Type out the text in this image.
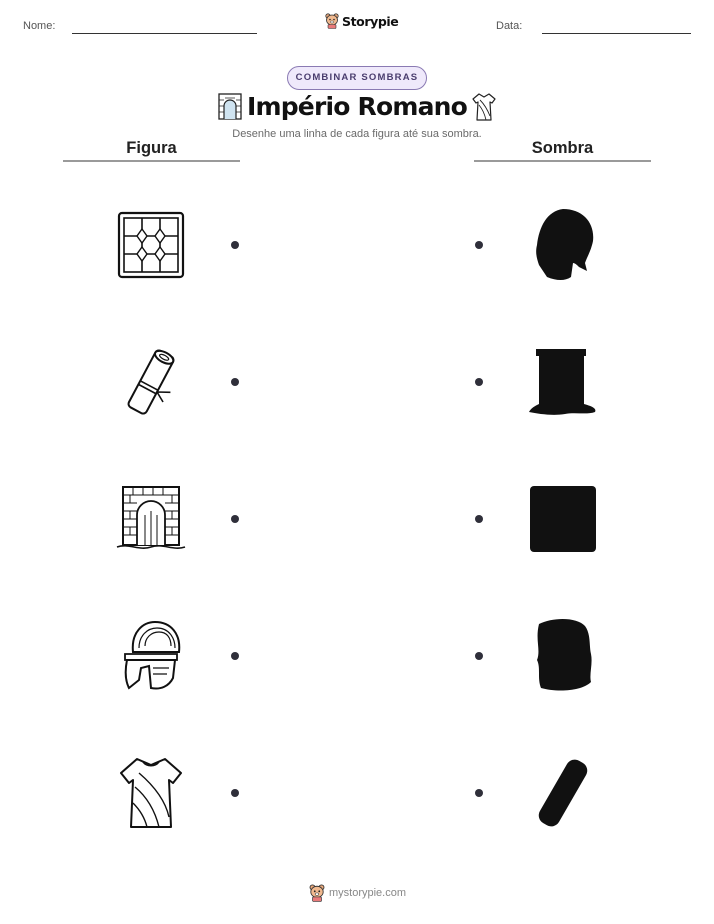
Nome:	Storypie	Data:
COMBINAR SOMBRAS
Império Romano
Desenhe uma linha de cada figura até sua sombra.
Figura	Sombra
mystorypie.com
